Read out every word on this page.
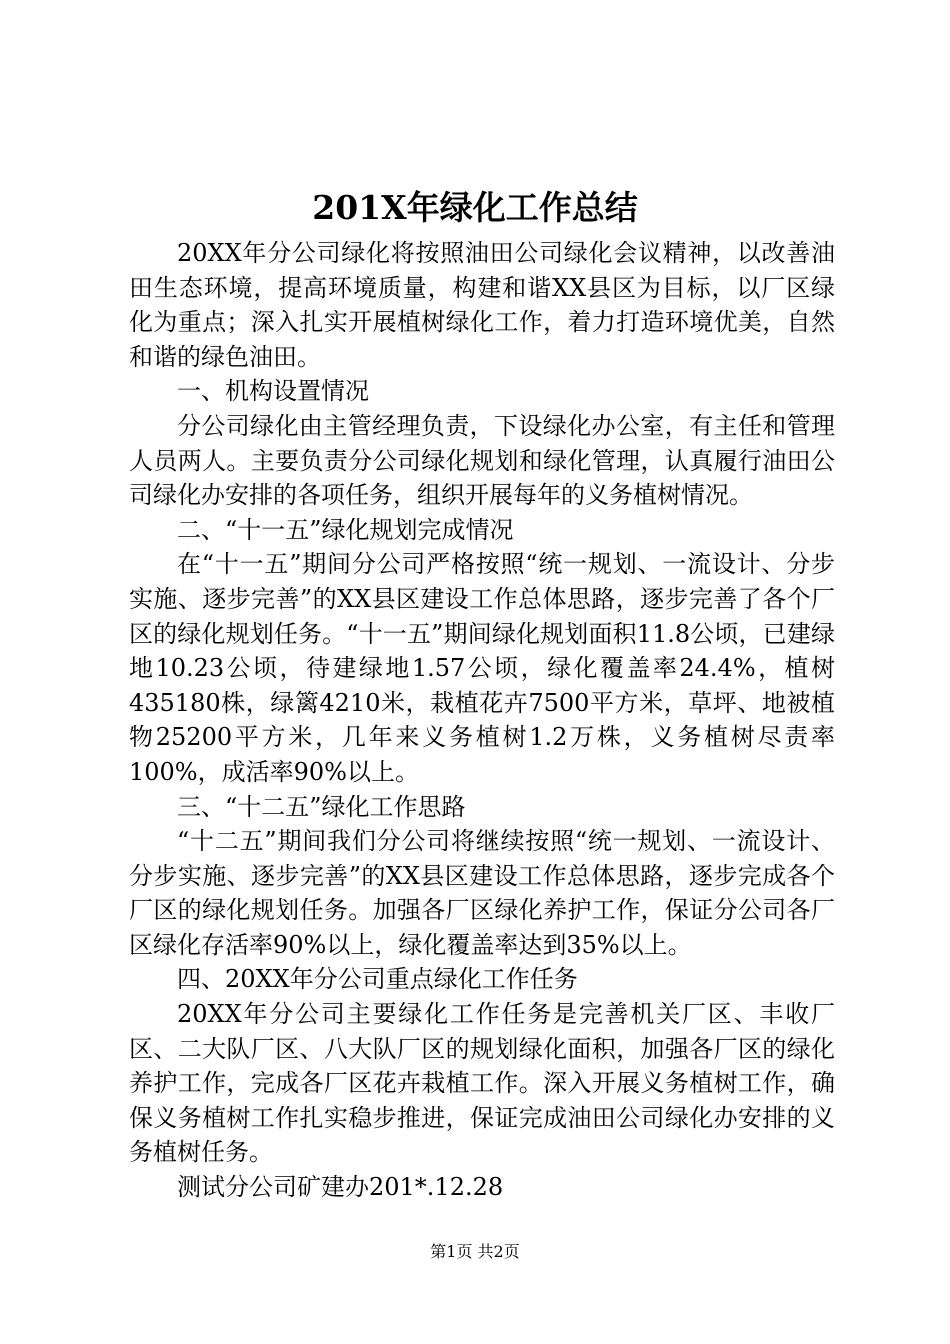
201X年绿化工作总结

20XX年分公司绿化将按照油田公司绿化会议精神，以改善油田生态环境，提高环境质量，构建和谐XX县区为目标，以厂区绿化为重点；深入扎实开展植树绿化工作，着力打造环境优美，自然和谐的绿色油田。

一、机构设置情况

分公司绿化由主管经理负责，下设绿化办公室，有主任和管理人员两人。主要负责分公司绿化规划和绿化管理，认真履行油田公司绿化办安排的各项任务，组织开展每年的义务植树情况。

二、“十一五”绿化规划完成情况

在“十一五”期间分公司严格按照“统一规划、一流设计、分步实施、逐步完善”的XX县区建设工作总体思路，逐步完善了各个厂区的绿化规划任务。“十一五”期间绿化规划面积11.8公顷，已建绿地10.23公顷，待建绿地1.57公顷，绿化覆盖率24.4%，植树435180株，绿篱4210米，栽植花卉7500平方米，草坪、地被植物25200平方米，几年来义务植树1.2万株，义务植树尽责率100%，成活率90%以上。

三、“十二五”绿化工作思路

“十二五”期间我们分公司将继续按照“统一规划、一流设计、分步实施、逐步完善”的XX县区建设工作总体思路，逐步完成各个厂区的绿化规划任务。加强各厂区绿化养护工作，保证分公司各厂区绿化存活率90%以上，绿化覆盖率达到35%以上。

四、20XX年分公司重点绿化工作任务

20XX年分公司主要绿化工作任务是完善机关厂区、丰收厂区、二大队厂区、八大队厂区的规划绿化面积，加强各厂区的绿化养护工作，完成各厂区花卉栽植工作。深入开展义务植树工作，确保义务植树工作扎实稳步推进，保证完成油田公司绿化办安排的义务植树任务。

测试分公司矿建办201*.12.28

第1页 共2页
